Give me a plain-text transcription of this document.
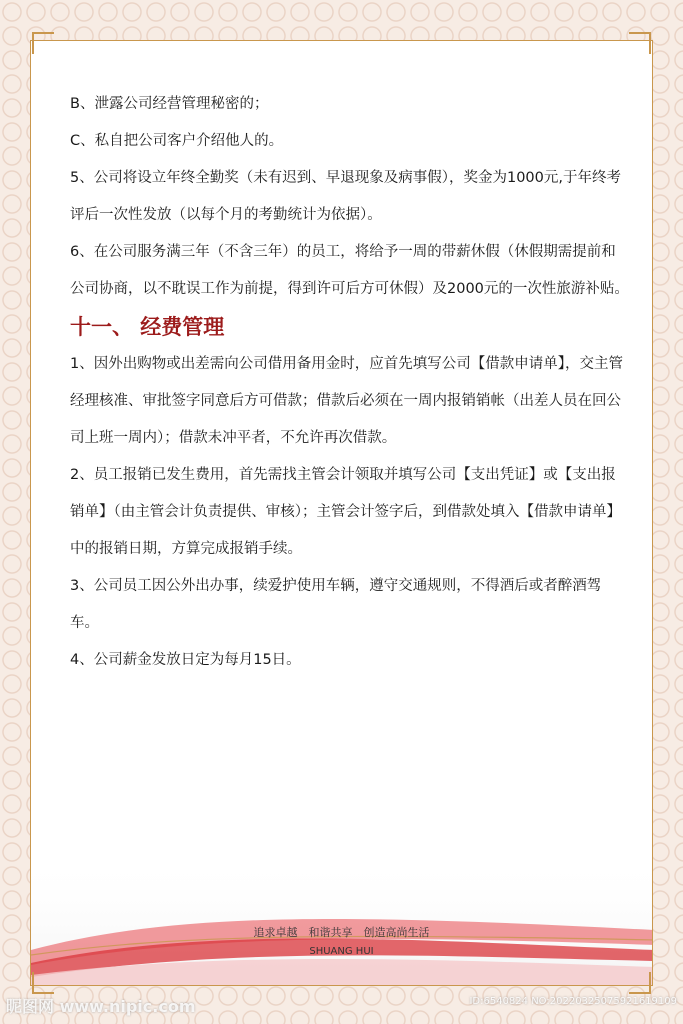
B、泄露公司经营管理秘密的；

C、私自把公司客户介绍他人的。

5、公司将设立年终全勤奖（未有迟到、早退现象及病事假），奖金为1000元,于年终考评后一次性发放（以每个月的考勤统计为依据）。

6、在公司服务满三年（不含三年）的员工，将给予一周的带薪休假（休假期需提前和公司协商，以不耽误工作为前提，得到许可后方可休假）及2000元的一次性旅游补贴。

十一、 经费管理

1、因外出购物或出差需向公司借用备用金时，应首先填写公司【借款申请单】，交主管经理核准、审批签字同意后方可借款；借款后必须在一周内报销销帐（出差人员在回公司上班一周内）；借款未冲平者，不允许再次借款。

2、员工报销已发生费用，首先需找主管会计领取并填写公司【支出凭证】或【支出报销单】（由主管会计负责提供、审核）；主管会计签字后，到借款处填入【借款申请单】中的报销日期，方算完成报销手续。

3、公司员工因公外出办事，续爱护使用车辆，遵守交通规则，不得酒后或者醉酒驾车。

4、公司薪金发放日定为每月15日。

追求卓越　和谐共享　创造高尚生活
SHUANG HUI
昵图网 www.nipic.com	ID:6540824 NO:20220325075921619109
